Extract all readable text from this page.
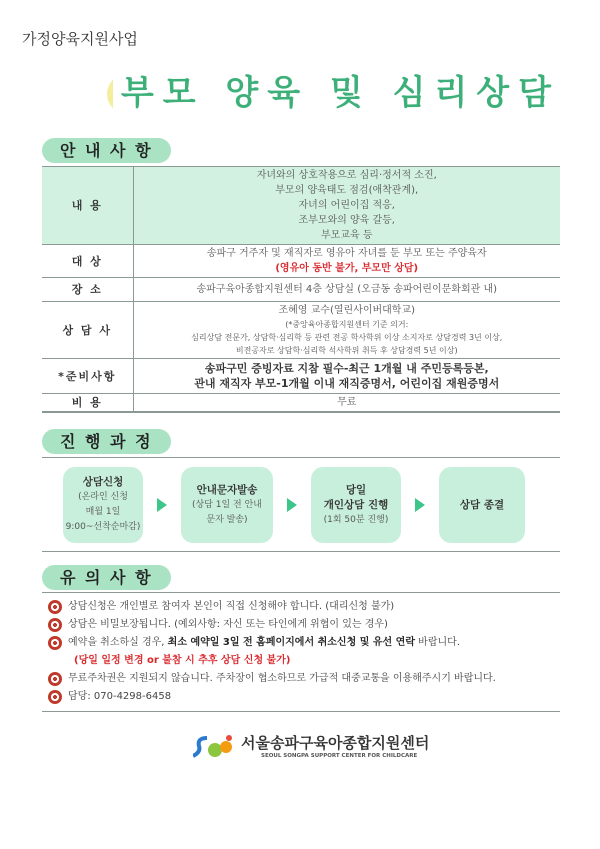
가정양육지원사업
부모 양육 및 심리상담
안 내 사 항
내 용	자녀와의 상호작용으로 심리·정서적 소진,
부모의 양육태도 점검(애착관계),
자녀의 어린이집 적응,
조부모와의 양육 갈등,
부모교육 등

대 상	송파구 거주자 및 재직자로 영유아 자녀를 둔 부모 또는 주양육자
(영유아 동반 불가, 부모만 상담)

장 소	송파구육아종합지원센터 4층 상담실 (오금동 송파어린이문화회관 내)
상 담 사	조혜영 교수(열린사이버대학교)
(*중앙육아종합지원센터 기준 의거:
심리상담 전문가, 상담학·심리학 등 관련 전공 학사학위 이상 소지자로 상담경력 3년 이상,
비전공자로 상담학·심리학 석사학위 취득 후 상담경력 5년 이상)

*준비사항	송파구민 증빙자료 지참 필수-최근 1개월 내 주민등록등본,
관내 재직자 부모-1개월 이내 재직증명서, 어린이집 재원증명서

비 용	무료
진 행 과 정
상담신청
(온라인 신청
매월 1일
9:00~선착순마감)
안내문자발송
(상담 1일 전 안내
문자 발송)
당일
개인상담 진행
(1회 50분 진행)
상담 종결
유 의 사 항
상담신청은 개인별로 참여자 본인이 직접 신청해야 합니다. (대리신청 불가)
상담은 비밀보장됩니다. (예외사항: 자신 또는 타인에게 위협이 있는 경우)
예약을 취소하실 경우, 최소 예약일 3일 전 홈페이지에서 취소신청 및 유선 연락 바랍니다.
(당일 일정 변경 or 불참 시 추후 상담 신청 불가)
무료주차권은 지원되지 않습니다. 주차장이 협소하므로 가급적 대중교통을 이용해주시기 바랍니다.
담당: 070-4298-6458
서울송파구육아종합지원센터
SEOUL SONGPA SUPPORT CENTER FOR CHILDCARE
